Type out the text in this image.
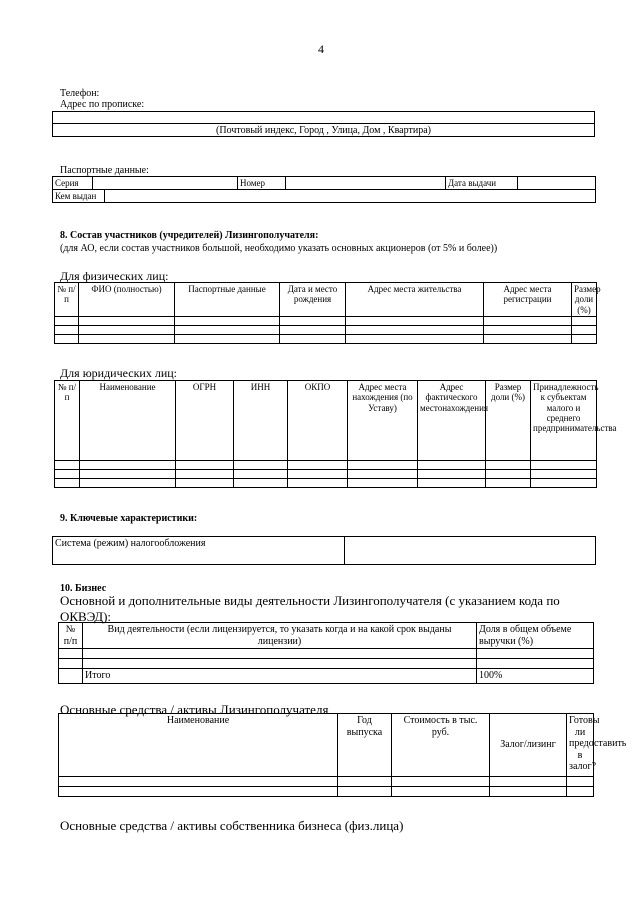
4
Телефон:
Адрес по прописке:
(Почтовый индекс, Город , Улица, Дом , Квартира)
Паспортные данные:
Серия		Номер		Дата выдачи	
Кем выдан	
8. Состав участников (учредителей) Лизингополучателя:
(для АО, если состав участников большой, необходимо указать основных акционеров (от 5% и более))
Для физических лиц:
№ п/п	ФИО (полностью)	Паспортные данные	Дата и место рождения	Адрес места жительства	Адрес места регистрации	Размер доли (%)

Для юридических лиц:
№ п/п	Наименование	ОГРН	ИНН	ОКПО	Адрес места нахождения (по Уставу)	Адрес фактического местонахождения	Размер доли (%)	Принадлежность к субъектам малого и среднего предпринимательства

9. Ключевые характеристики:
Система (режим) налогообложения	
10. Бизнес
Основной и дополнительные виды деятельности Лизингополучателя (с указанием кода по ОКВЭД):
№ п/п	Вид деятельности (если лицензируется, то указать когда и на какой срок выданы лицензии)	Доля в общем объеме выручки (%)

	Итого	100%
Основные средства / активы Лизингополучателя
Наименование	Год выпуска	Стоимость в тыс. руб.	Залог/лизинг	Готовы ли предоставить в залог?

Основные средства / активы собственника бизнеса (физ.лица)
